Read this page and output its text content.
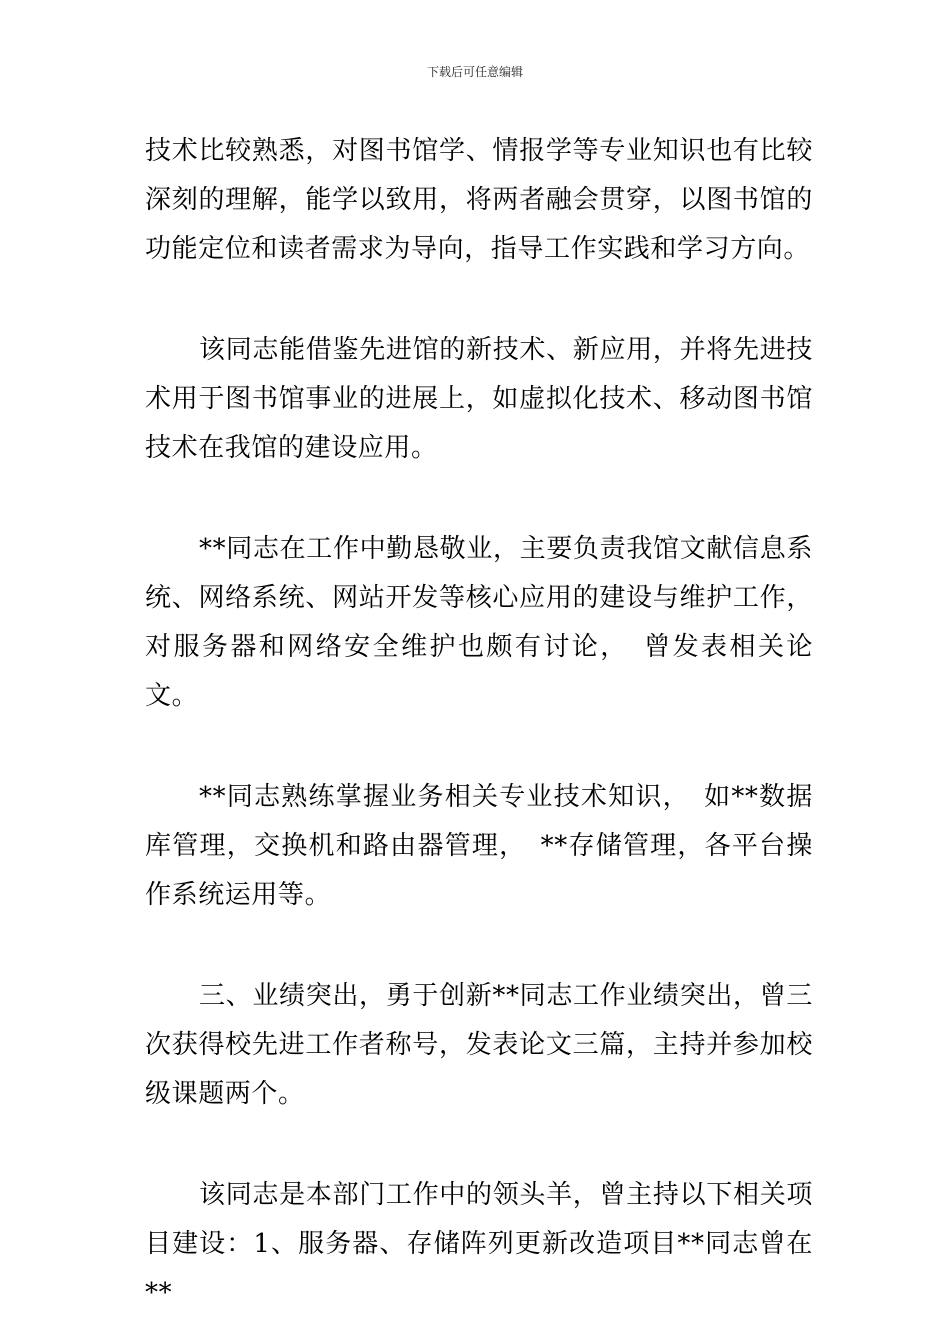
下载后可任意编辑

技术比较熟悉，对图书馆学、情报学等专业知识也有比较深刻的理解，能学以致用，将两者融会贯穿，以图书馆的功能定位和读者需求为导向，指导工作实践和学习方向。

该同志能借鉴先进馆的新技术、新应用，并将先进技术用于图书馆事业的进展上，如虚拟化技术、移动图书馆技术在我馆的建设应用。

**同志在工作中勤恳敬业，主要负责我馆文献信息系统、网络系统、网站开发等核心应用的建设与维护工作，对服务器和网络安全维护也颇有讨论，　曾发表相关论文。

**同志熟练掌握业务相关专业技术知识，　如**数据库管理，交换机和路由器管理，　**存储管理，各平台操作系统运用等。

三、业绩突出，勇于创新**同志工作业绩突出，曾三次获得校先进工作者称号，发表论文三篇，主持并参加校级课题两个。

该同志是本部门工作中的领头羊，曾主持以下相关项目建设：1、服务器、存储阵列更新改造项目**同志曾在**
